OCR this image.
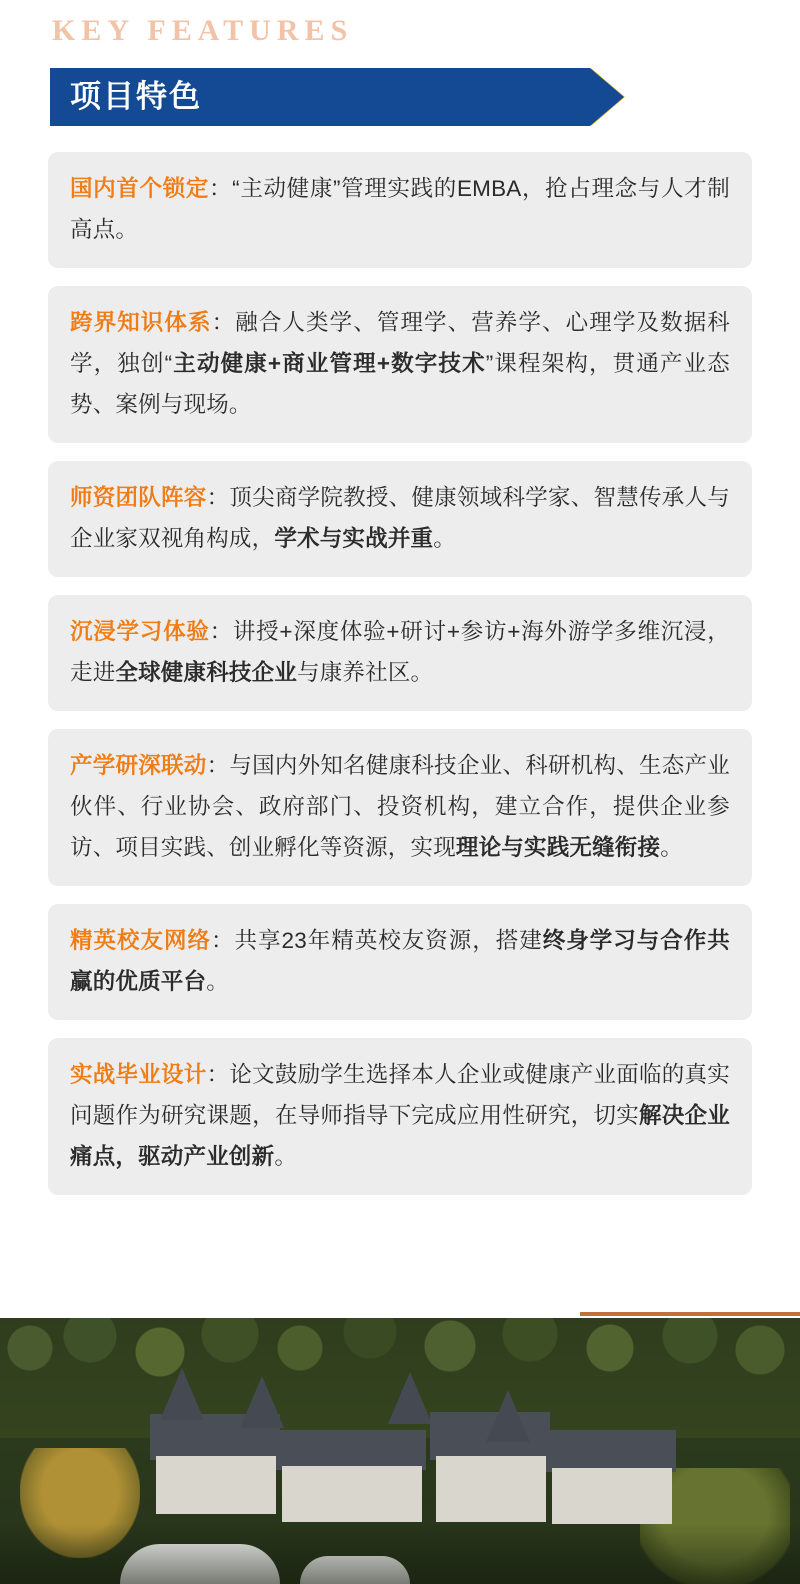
KEY FEATURES
项目特色

国内首个锁定：“主动健康”管理实践的EMBA，抢占理念与人才制高点。

跨界知识体系：融合人类学、管理学、营养学、心理学及数据科学，独创“主动健康+商业管理+数字技术”课程架构，贯通产业态势、案例与现场。

师资团队阵容：顶尖商学院教授、健康领域科学家、智慧传承人与企业家双视角构成，学术与实战并重。

沉浸学习体验：讲授+深度体验+研讨+参访+海外游学多维沉浸，走进全球健康科技企业与康养社区。

产学研深联动：与国内外知名健康科技企业、科研机构、生态产业伙伴、行业协会、政府部门、投资机构，建立合作，提供企业参访、项目实践、创业孵化等资源，实现理论与实践无缝衔接。

精英校友网络：共享23年精英校友资源，搭建终身学习与合作共赢的优质平台。

实战毕业设计：论文鼓励学生选择本人企业或健康产业面临的真实问题作为研究课题，在导师指导下完成应用性研究，切实解决企业痛点，驱动产业创新。
